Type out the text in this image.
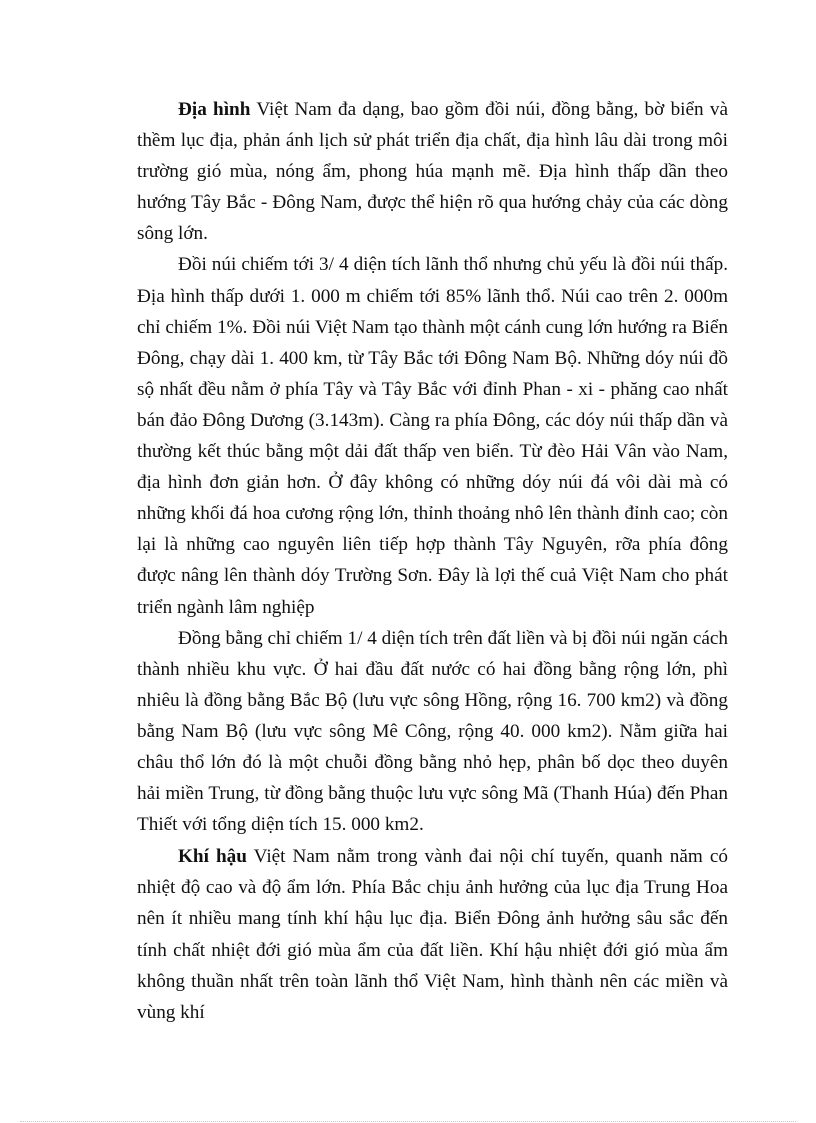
Địa hình Việt Nam đa dạng, bao gồm đồi núi, đồng bằng, bờ biển và thềm lục địa, phản ánh lịch sử phát triển địa chất, địa hình lâu dài trong môi trường gió mùa, nóng ẩm, phong húa mạnh mẽ. Địa hình thấp dần theo hướng Tây Bắc - Đông Nam, được thể hiện rõ qua hướng chảy của các dòng sông lớn.

Đồi núi chiếm tới 3/ 4 diện tích lãnh thổ nhưng chủ yếu là đồi núi thấp. Địa hình thấp dưới 1. 000 m chiếm tới 85% lãnh thổ. Núi cao trên 2. 000m chỉ chiếm 1%. Đồi núi Việt Nam tạo thành một cánh cung lớn hướng ra Biển Đông, chạy dài 1. 400 km, từ Tây Bắc tới Đông Nam Bộ. Những dóy núi đồ sộ nhất đều nằm ở phía Tây và Tây Bắc với đỉnh Phan - xi - phăng cao nhất bán đảo Đông Dương (3.143m). Càng ra phía Đông, các dóy núi thấp dần và thường kết thúc bằng một dải đất thấp ven biển. Từ đèo Hải Vân vào Nam, địa hình đơn giản hơn. Ở đây không có những dóy núi đá vôi dài mà có những khối đá hoa cương rộng lớn, thỉnh thoảng nhô lên thành đỉnh cao; còn lại là những cao nguyên liên tiếp hợp thành Tây Nguyên, rỡa phía đông được nâng lên thành dóy Trường Sơn. Đây là lợi thế cuả Việt Nam cho phát triển ngành lâm nghiệp

Đồng bằng chỉ chiếm 1/ 4 diện tích trên đất liền và bị đồi núi ngăn cách thành nhiều khu vực. Ở hai đầu đất nước có hai đồng bằng rộng lớn, phì nhiêu là đồng bằng Bắc Bộ (lưu vực sông Hồng, rộng 16. 700 km2) và đồng bằng Nam Bộ (lưu vực sông Mê Công, rộng 40. 000 km2). Nằm giữa hai châu thổ lớn đó là một chuỗi đồng bằng nhỏ hẹp, phân bố dọc theo duyên hải miền Trung, từ đồng bằng thuộc lưu vực sông Mã (Thanh Húa) đến Phan Thiết với tổng diện tích 15. 000 km2.

Khí hậu Việt Nam nằm trong vành đai nội chí tuyến, quanh năm có nhiệt độ cao và độ ẩm lớn. Phía Bắc chịu ảnh hưởng của lục địa Trung Hoa nên ít nhiều mang tính khí hậu lục địa. Biển Đông ảnh hưởng sâu sắc đến tính chất nhiệt đới gió mùa ẩm của đất liền. Khí hậu nhiệt đới gió mùa ẩm không thuần nhất trên toàn lãnh thổ Việt Nam, hình thành nên các miền và vùng khí
